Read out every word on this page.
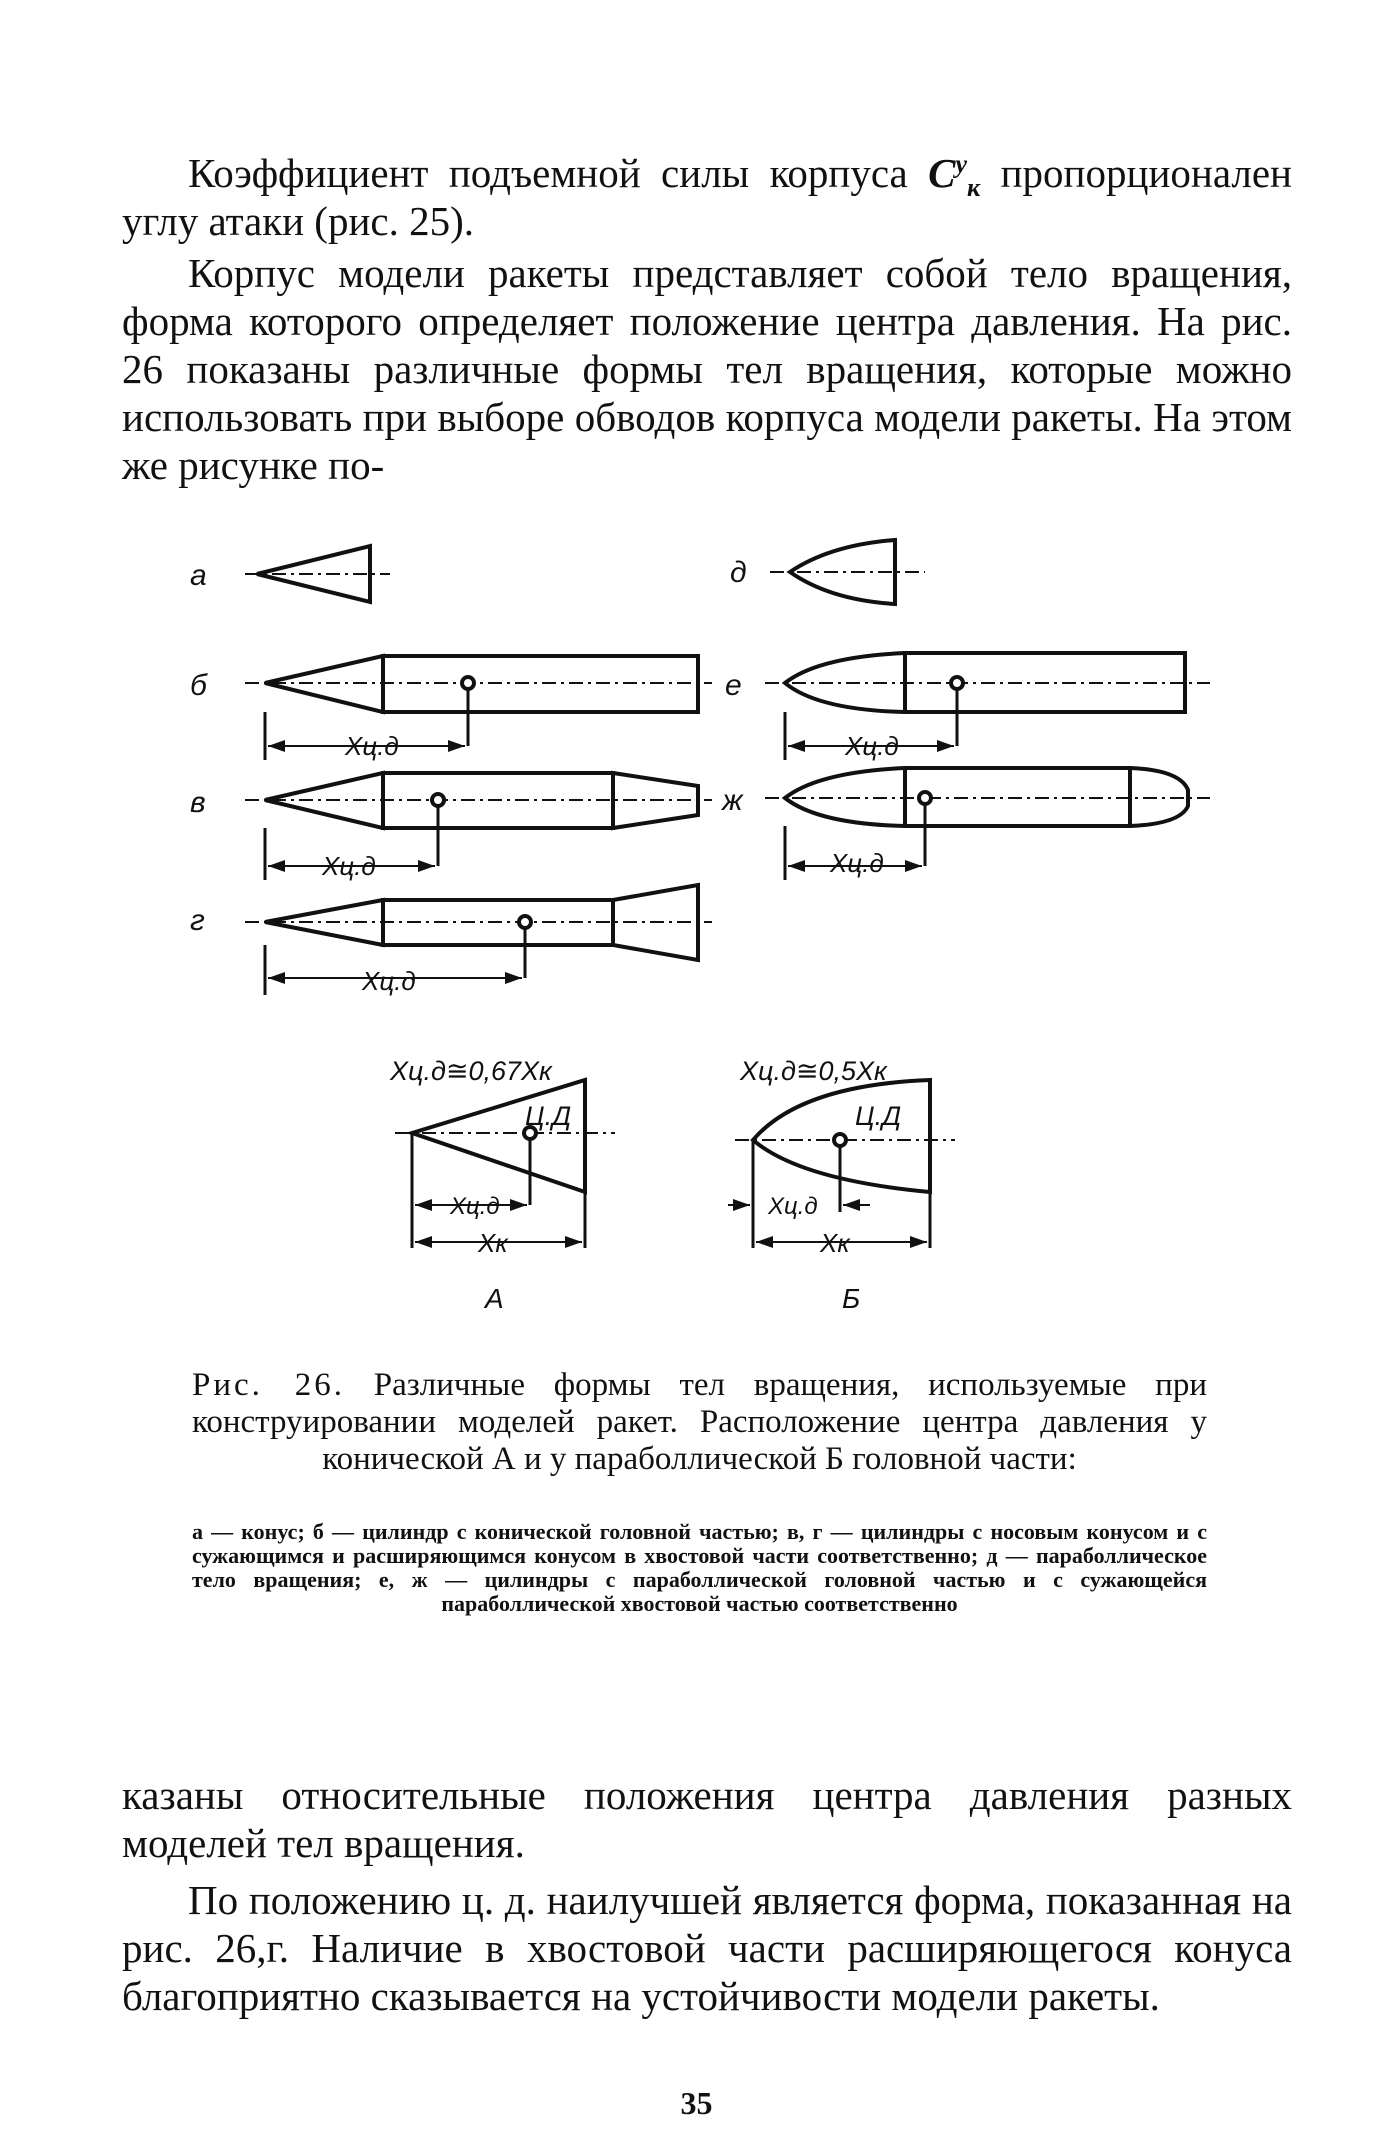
Коэффициент подъемной силы корпуса $C^y_к$ пропорционален углу атаки (рис. 25).

Корпус модели ракеты представляет собой тело вращения, форма которого определяет положение центра давления. На рис. 26 показаны различные формы тел вращения, которые можно использовать при выборе обводов корпуса модели ракеты. На этом же рисунке по-

а
б
в
г
д
е
ж
Xц.д
Xц.д
Xц.д
Xц.д
Xц.д
Xц.д≅0,67Xк	Xц.д≅0,5Xк
Ц.Д	Ц.Д
Xц.д	Xц.д
Xк	Xк
А	Б
Рис. 26. Различные формы тел вращения, используемые при конструировании моделей ракет. Расположение центра давления у конической А и у параболлической Б головной части:
а — конус; б — цилиндр с конической головной частью; в, г — цилиндры с носовым конусом и с сужающимся и расширяющимся конусом в хвостовой части соответственно; д — параболлическое тело вращения; е, ж — цилиндры с параболлической головной частью и с сужающейся параболлической хвостовой частью соответственно

казаны относительные положения центра давления разных моделей тел вращения.

По положению ц. д. наилучшей является форма, показанная на рис. 26,г. Наличие в хвостовой части расширяющегося конуса благоприятно сказывается на устойчивости модели ракеты.

35
